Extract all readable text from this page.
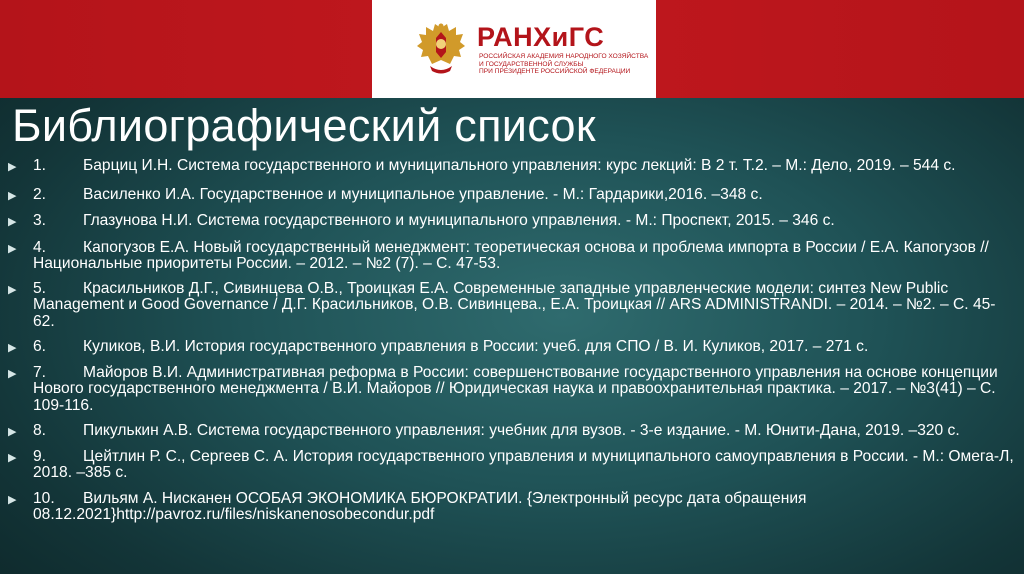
РАНХиГС
РОССИЙСКАЯ АКАДЕМИЯ НАРОДНОГО ХОЗЯЙСТВА
И ГОСУДАРСТВЕННОЙ СЛУЖБЫ
ПРИ ПРЕЗИДЕНТЕ РОССИЙСКОЙ ФЕДЕРАЦИИ
Библиографический список
▶ 1. Барциц И.Н. Система государственного и муниципального управления: курс лекций: В 2 т. Т.2. – М.: Дело, 2019. – 544 с.
▶ 2. Василенко И.А. Государственное и муниципальное управление. - М.: Гардарики,2016. –348 с.
▶ 3. Глазунова Н.И. Система государственного и муниципального управления. - М.: Проспект, 2015. – 346 с.
▶ 4. Капогузов Е.А. Новый государственный менеджмент: теоретическая основа и проблема импорта в России / Е.А. Капогузов // Национальные приоритеты России. – 2012. – №2 (7). – С. 47-53.
▶ 5. Красильников Д.Г., Сивинцева О.В., Троицкая Е.А. Современные западные управленческие модели: синтез New Public Management и Good Governance / Д.Г. Красильников, О.В. Сивинцева., Е.А. Троицкая // ARS ADMINISTRANDI. – 2014. – №2. – С. 45-62.
▶ 6. Куликов, В.И. История государственного управления в России: учеб. для СПО / В. И. Куликов, 2017. – 271 с.
▶ 7. Майоров В.И. Административная реформа в России: совершенствование государственного управления на основе концепции Нового государственного менеджмента / В.И. Майоров // Юридическая наука и правоохранительная практика. – 2017. – №3(41) – С. 109-116.
▶ 8. Пикулькин А.В. Система государственного управления: учебник для вузов. - 3-е издание. - М. Юнити-Дана, 2019. –320 с.
▶ 9. Цейтлин Р. С., Сергеев С. А. История государственного управления и муниципального самоуправления в России. - М.: Омега-Л, 2018. –385 с.
▶ 10. Вильям А. Нисканен ОСОБАЯ ЭКОНОМИКА БЮРОКРАТИИ. {Электронный ресурс дата обращения 08.12.2021}http://pavroz.ru/files/niskanenosobecondur.pdf
